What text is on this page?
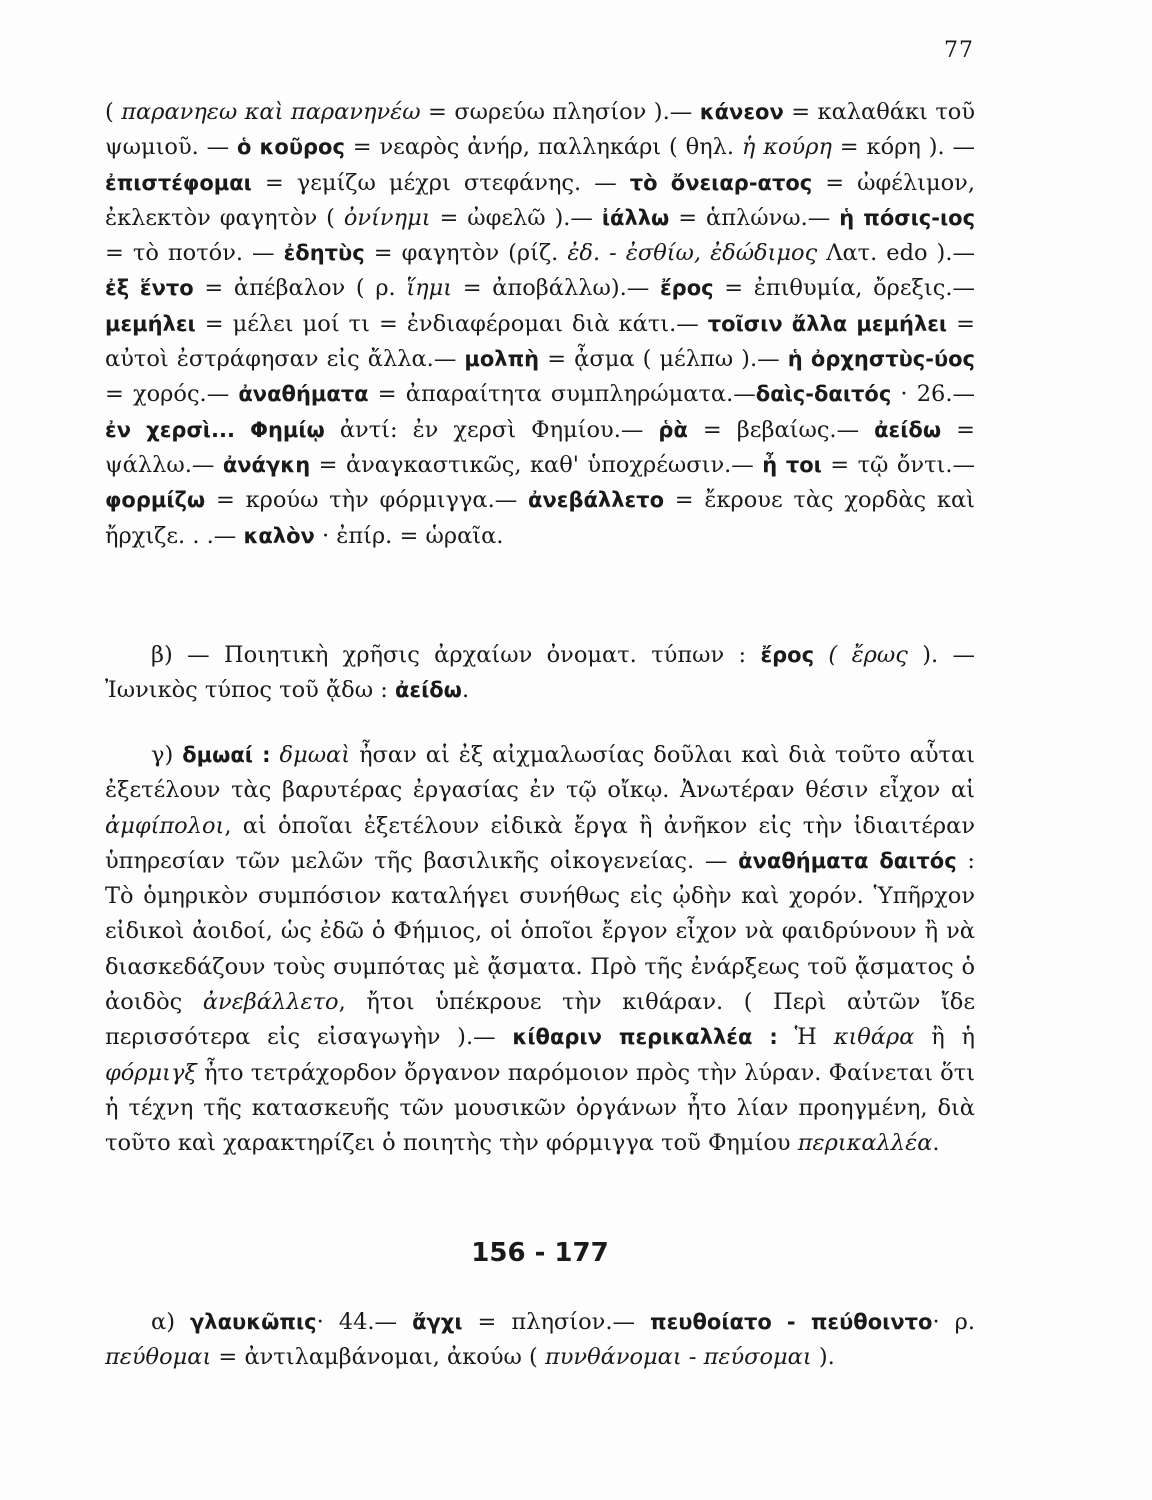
77
( παρανηεω καὶ παρανηνέω = σωρεύω πλησίον ).— κάνεον = καλαθάκι τοῦ ψωμιοῦ. — ὁ κοῦρος = νεαρὸς ἀνήρ, παλληκάρι ( θηλ. ἡ κούρη = κόρη ). — ἐπιστέφομαι = γεμίζω μέχρι στεφάνης. — τὸ ὄνειαρ-ατος = ὠφέλιμον, ἐκλεκτὸν φαγητὸν ( ὀνίνημι = ὠφελῶ ).— ἰάλλω = ἁπλώνω.— ἡ πόσις-ιος = τὸ ποτόν. — ἐδητὺς = φαγητὸν (ρίζ. ἐδ. - ἐσθίω, ἐδώδιμος Λατ. edo ).— ἐξ ἕντο = ἀπέβαλον ( ρ. ἵημι = ἀποβάλλω).— ἔρος = ἐπιθυμία, ὄρεξις.— μεμήλει = μέλει μοί τι = ἐνδιαφέρομαι διὰ κάτι.— τοῖσιν ἄλλα μεμήλει = αὐτοὶ ἐστράφησαν εἰς ἄλλα.— μολπὴ = ᾆσμα ( μέλπω ).— ἡ ὀρχηστὺς-ύος = χορός.— ἀναθήματα = ἀπαραίτητα συμπληρώματα.—δαὶς-δαιτός · 26.— ἐν χερσὶ... Φημίῳ ἀντί: ἐν χερσὶ Φημίου.— ῥὰ = βεβαίως.— ἀείδω = ψάλλω.— ἀνάγκη = ἀναγκαστικῶς, καθ' ὑποχρέωσιν.— ἦ τοι = τῷ ὄντι.— φορμίζω = κρούω τὴν φόρμιγγα.— ἀνεβάλλετο = ἔκρουε τὰς χορδὰς καὶ ἤρχιζε. . .— καλὸν · ἐπίρ. = ὡραῖα.
β) — Ποιητικὴ χρῆσις ἀρχαίων ὀνοματ. τύπων : ἔρος ( ἔρως ). — Ἰωνικὸς τύπος τοῦ ᾄδω : ἀείδω.
γ) δμωαί : δμωαὶ ἦσαν αἱ ἐξ αἰχμαλωσίας δοῦλαι καὶ διὰ τοῦτο αὗται ἐξετέλουν τὰς βαρυτέρας ἐργασίας ἐν τῷ οἴκῳ. Ἀνωτέραν θέσιν εἶχον αἱ ἀμφίπολοι, αἱ ὁποῖαι ἐξετέλουν εἰδικὰ ἔργα ἢ ἀνῆκον εἰς τὴν ἰδιαιτέραν ὑπηρεσίαν τῶν μελῶν τῆς βασιλικῆς οἰκογενείας. — ἀναθήματα δαιτός : Τὸ ὁμηρικὸν συμπόσιον καταλήγει συνήθως εἰς ᾠδὴν καὶ χορόν. Ὑπῆρχον εἰδικοὶ ἀοιδοί, ὡς ἐδῶ ὁ Φήμιος, οἱ ὁποῖοι ἔργον εἶχον νὰ φαιδρύνουν ἢ νὰ διασκεδάζουν τοὺς συμπότας μὲ ᾄσματα. Πρὸ τῆς ἐνάρξεως τοῦ ᾄσματος ὁ ἀοιδὸς ἀνεβάλλετο, ἤτοι ὑπέκρουε τὴν κιθάραν. ( Περὶ αὐτῶν ἴδε περισσότερα εἰς εἰσαγωγὴν ).— κίθαριν περικαλλέα : Ἡ κιθάρα ἢ ἡ φόρμιγξ ἦτο τετράχορδον ὄργανον παρόμοιον πρὸς τὴν λύραν. Φαίνεται ὅτι ἡ τέχνη τῆς κατασκευῆς τῶν μουσικῶν ὀργάνων ἦτο λίαν προηγμένη, διὰ τοῦτο καὶ χαρακτηρίζει ὁ ποιητὴς τὴν φόρμιγγα τοῦ Φημίου περικαλλέα.
156 - 177
α) γλαυκῶπις· 44.— ἄγχι = πλησίον.— πευθοίατο - πεύθοιντο· ρ. πεύθομαι = ἀντιλαμβάνομαι, ἀκούω ( πυνθάνομαι - πεύσομαι ).
